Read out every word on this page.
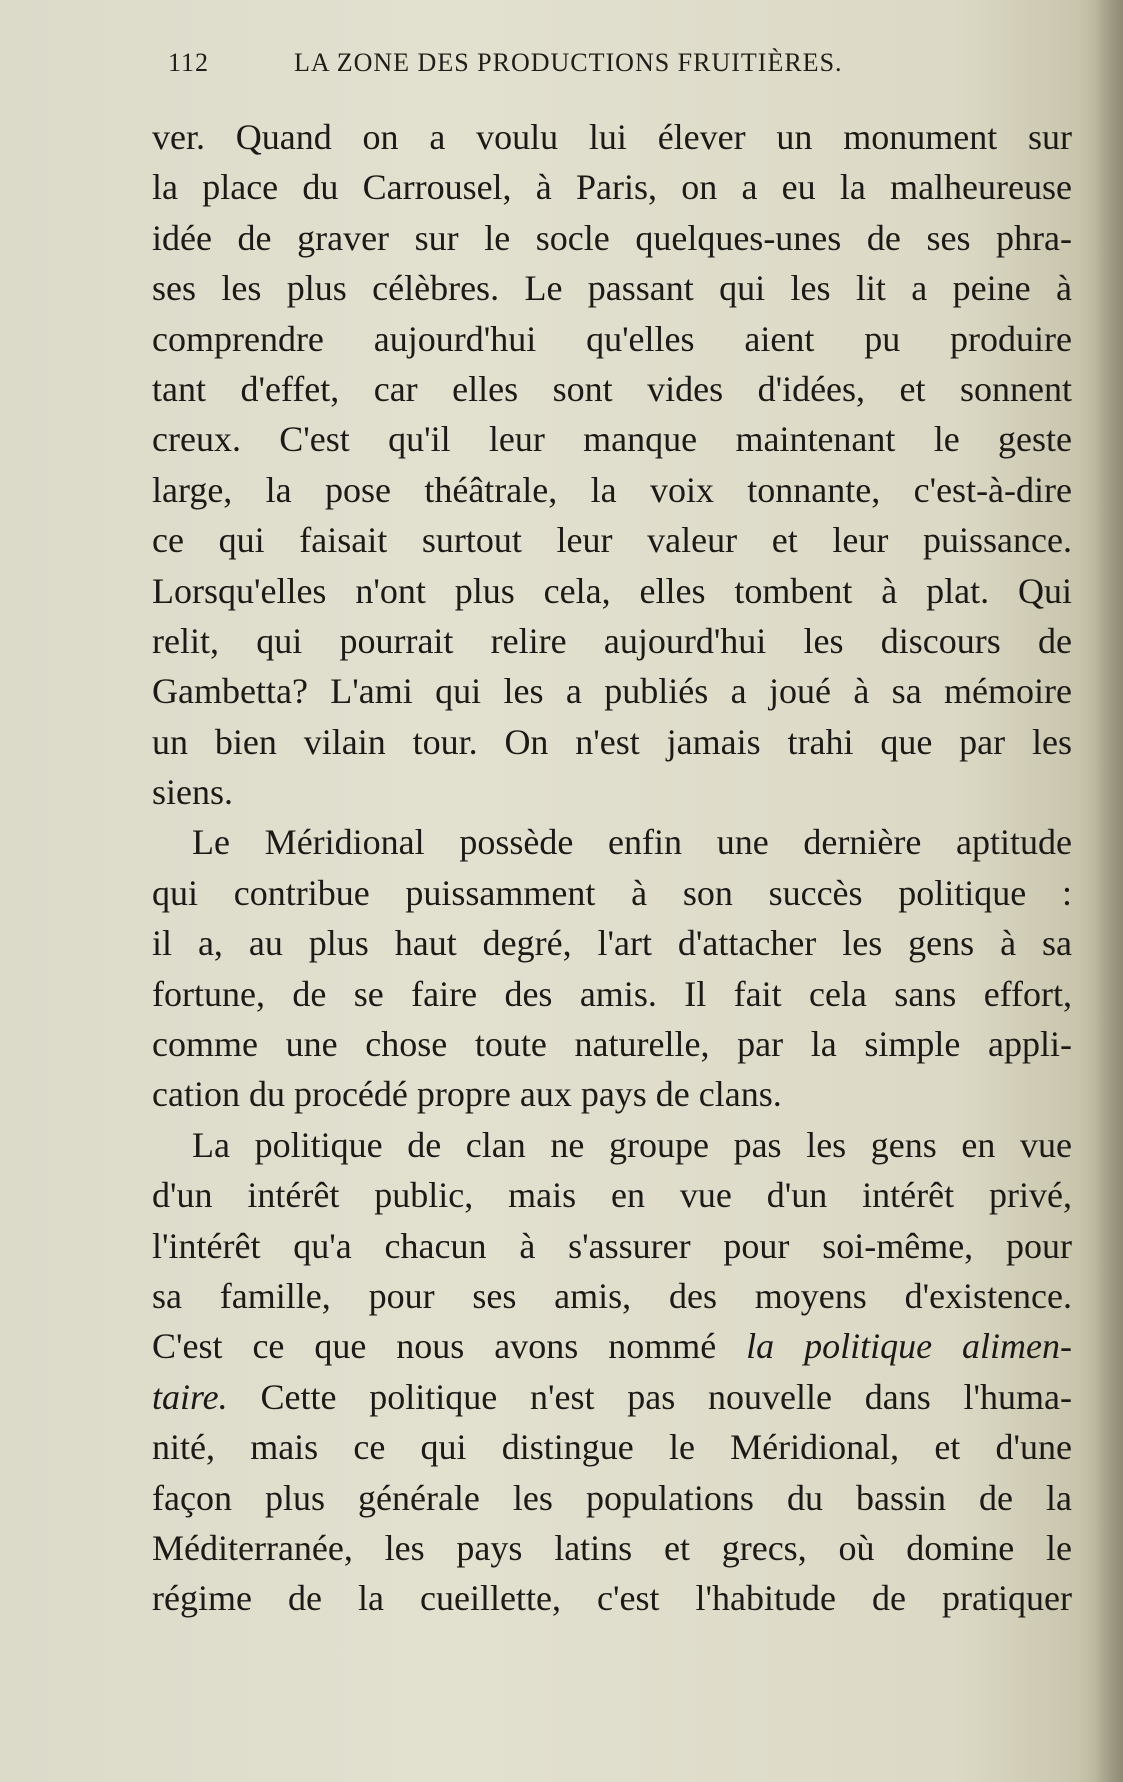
112	LA ZONE DES PRODUCTIONS FRUITIÈRES.
ver. Quand on a voulu lui élever un monument sur
la place du Carrousel, à Paris, on a eu la malheureuse
idée de graver sur le socle quelques-unes de ses phra-
ses les plus célèbres. Le passant qui les lit a peine à
comprendre aujourd'hui qu'elles aient pu produire
tant d'effet, car elles sont vides d'idées, et sonnent
creux. C'est qu'il leur manque maintenant le geste
large, la pose théâtrale, la voix tonnante, c'est-à-dire
ce qui faisait surtout leur valeur et leur puissance.
Lorsqu'elles n'ont plus cela, elles tombent à plat. Qui
relit, qui pourrait relire aujourd'hui les discours de
Gambetta? L'ami qui les a publiés a joué à sa mémoire
un bien vilain tour. On n'est jamais trahi que par les
siens.
Le Méridional possède enfin une dernière aptitude
qui contribue puissamment à son succès politique :
il a, au plus haut degré, l'art d'attacher les gens à sa
fortune, de se faire des amis. Il fait cela sans effort,
comme une chose toute naturelle, par la simple appli-
cation du procédé propre aux pays de clans.
La politique de clan ne groupe pas les gens en vue
d'un intérêt public, mais en vue d'un intérêt privé,
l'intérêt qu'a chacun à s'assurer pour soi-même, pour
sa famille, pour ses amis, des moyens d'existence.
C'est ce que nous avons nommé la politique alimen-
taire. Cette politique n'est pas nouvelle dans l'huma-
nité, mais ce qui distingue le Méridional, et d'une
façon plus générale les populations du bassin de la
Méditerranée, les pays latins et grecs, où domine le
régime de la cueillette, c'est l'habitude de pratiquer
